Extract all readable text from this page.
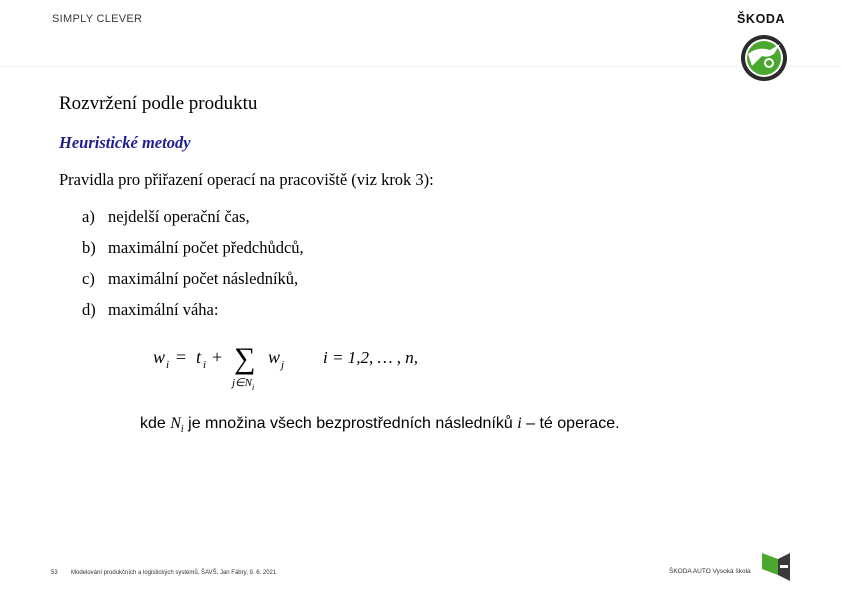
SIMPLY CLEVER	ŠKODA
Rozvržení podle produktu
Heuristické metody
Pravidla pro přiřazení operací na pracoviště (viz krok 3):
a) nejdelší operační čas,
b) maximální počet předchůdců,
c) maximální počet následníků,
d) maximální váha:
w i = t i + ∑
j∈N i
w j i = 1,2, … , n,
kde $N_i$ je množina všech bezprostředních následníků i – té operace.
53 Modelování produkčních a logistických systémů, ŠAVŠ, Jan Fábry, 9. 6. 2021	ŠKODA AUTO Vysoká škola
